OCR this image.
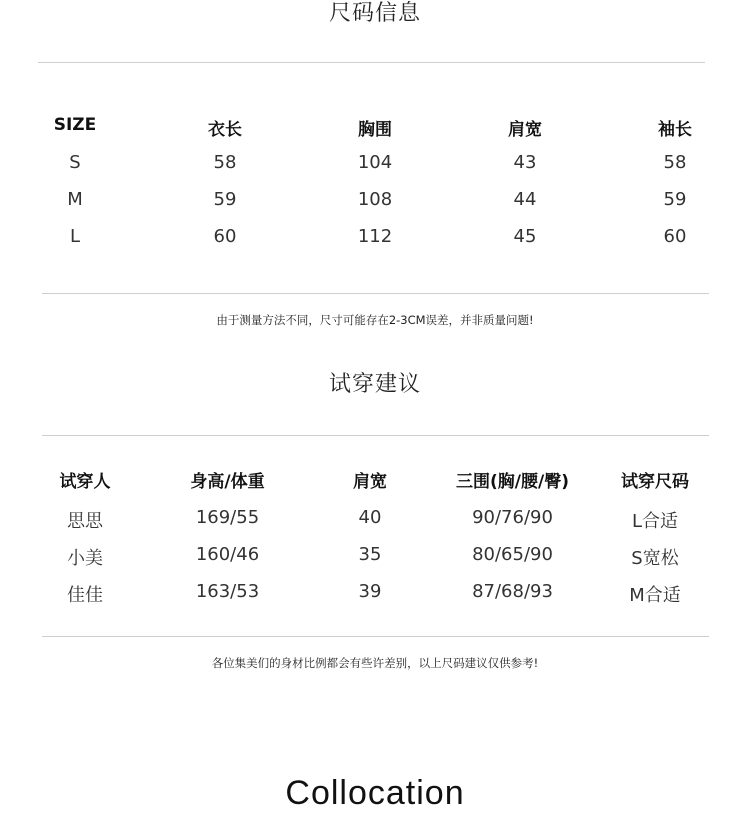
尺码信息
SIZE	衣长	胸围	肩宽	袖长
S	58	104	43	58
M	59	108	44	59
L	60	112	45	60
由于测量方法不同，尺寸可能存在2-3CM误差，并非质量问题!
试穿建议
试穿人	身高/体重	肩宽	三围(胸/腰/臀)	试穿尺码
思思	169/55	40	90/76/90	L合适
小美	160/46	35	80/65/90	S宽松
佳佳	163/53	39	87/68/93	M合适
各位集美们的身材比例都会有些许差别，以上尺码建议仅供参考!
Collocation
